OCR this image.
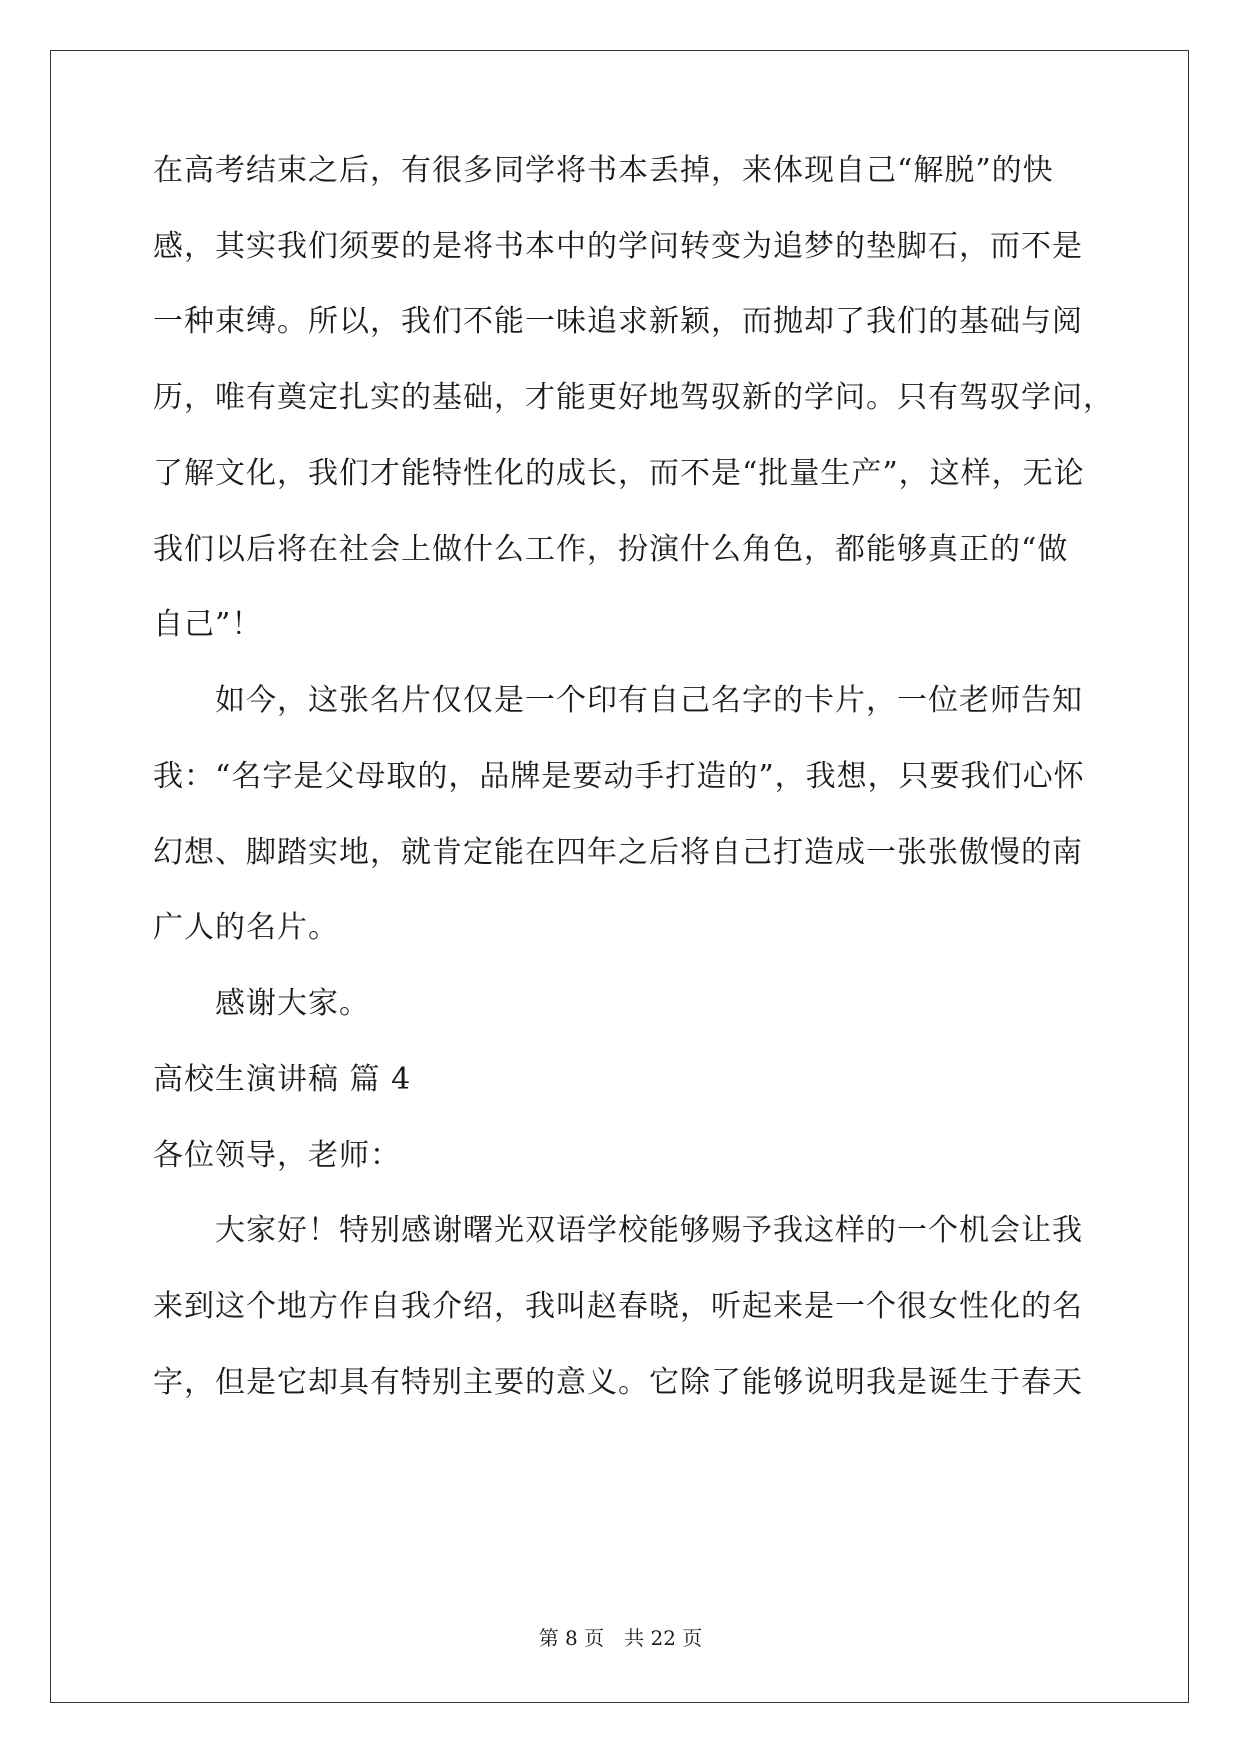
在高考结束之后，有很多同学将书本丢掉，来体现自己“解脱”的快
感，其实我们须要的是将书本中的学问转变为追梦的垫脚石，而不是
一种束缚。所以，我们不能一味追求新颖，而抛却了我们的基础与阅
历，唯有奠定扎实的基础，才能更好地驾驭新的学问。只有驾驭学问，
了解文化，我们才能特性化的成长，而不是“批量生产”，这样，无论
我们以后将在社会上做什么工作，扮演什么角色，都能够真正的“做
自己”！
如今，这张名片仅仅是一个印有自己名字的卡片，一位老师告知
我：“名字是父母取的，品牌是要动手打造的”，我想，只要我们心怀
幻想、脚踏实地，就肯定能在四年之后将自己打造成一张张傲慢的南
广人的名片。
感谢大家。
高校生演讲稿 篇 4
各位领导，老师：
大家好！特别感谢曙光双语学校能够赐予我这样的一个机会让我
来到这个地方作自我介绍，我叫赵春晓，听起来是一个很女性化的名
字，但是它却具有特别主要的意义。它除了能够说明我是诞生于春天
第 8 页 共 22 页
